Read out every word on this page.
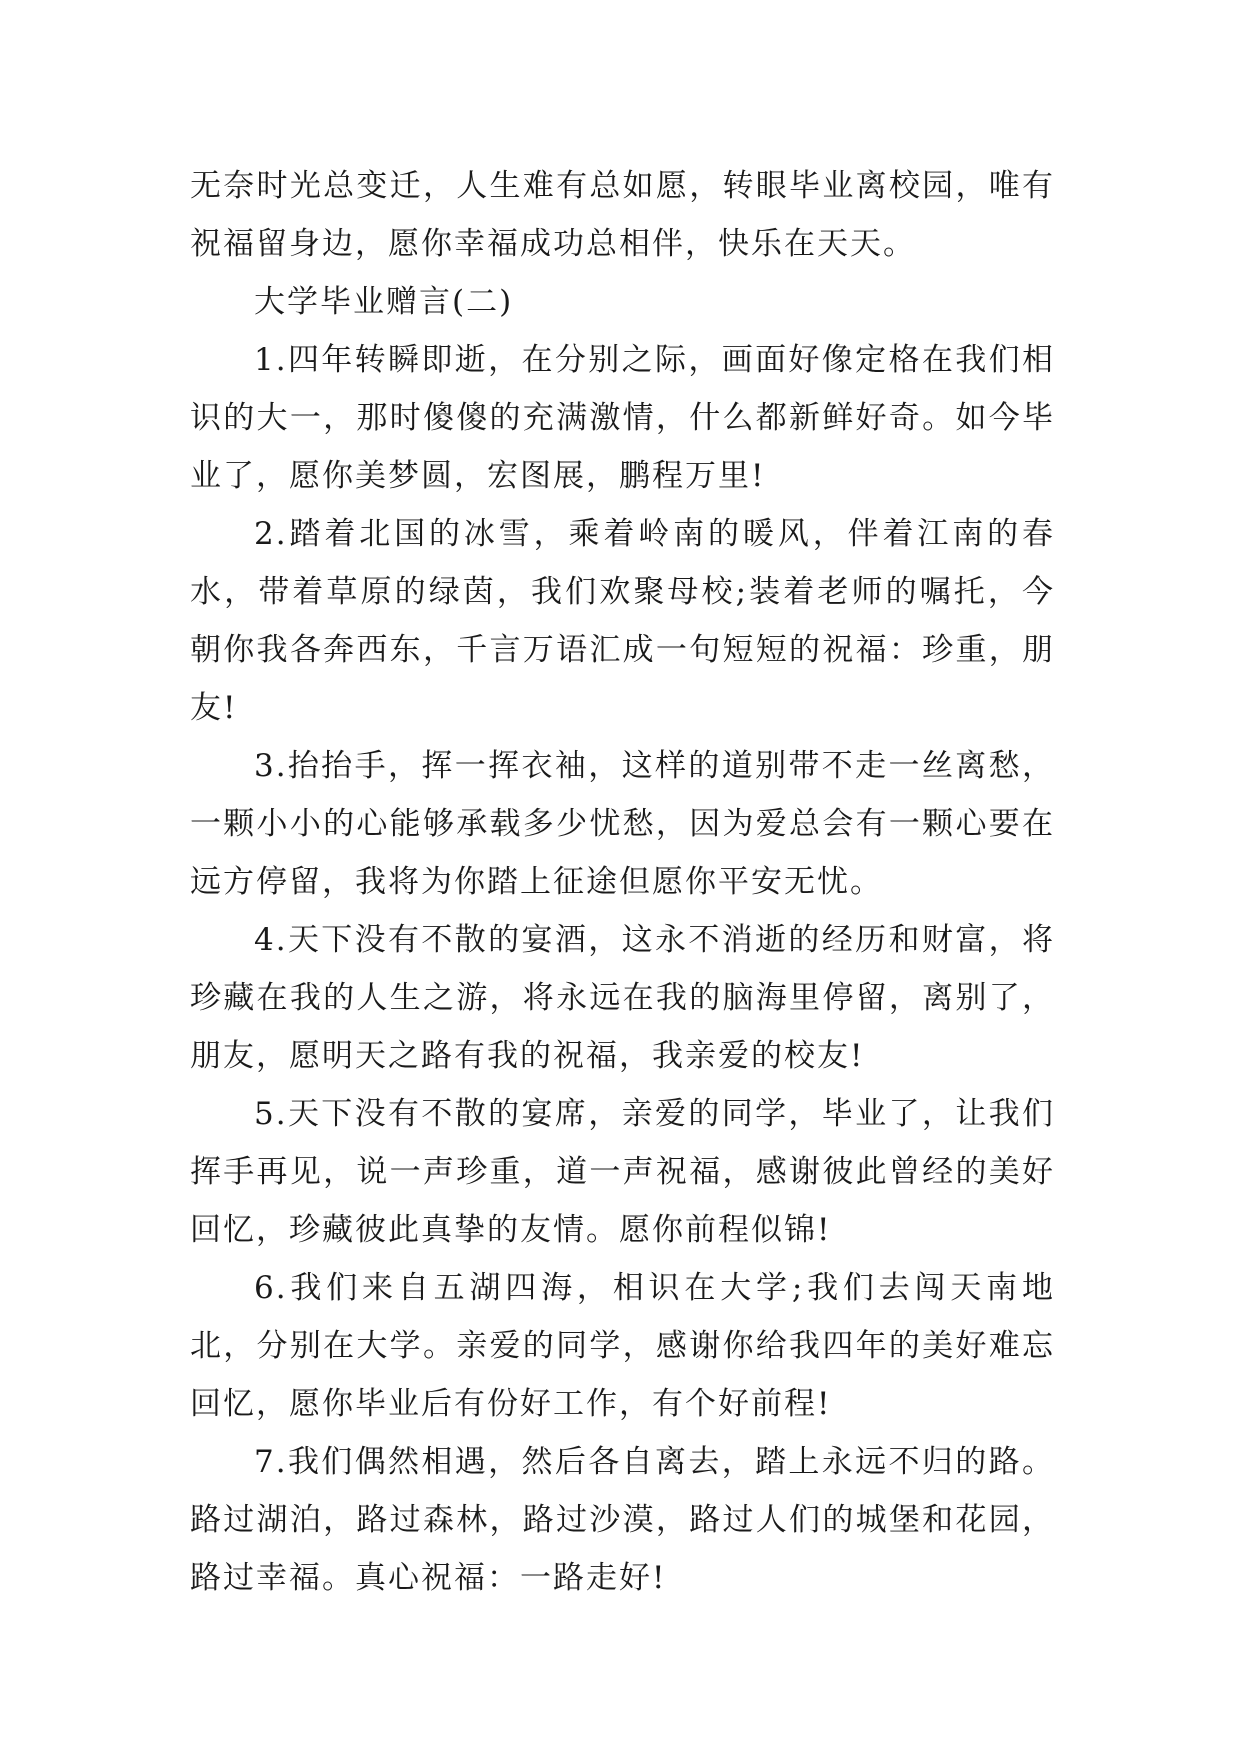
无奈时光总变迁，人生难有总如愿，转眼毕业离校园，唯有祝福留身边，愿你幸福成功总相伴，快乐在天天。

大学毕业赠言(二)

1.四年转瞬即逝，在分别之际，画面好像定格在我们相识的大一，那时傻傻的充满激情，什么都新鲜好奇。如今毕业了，愿你美梦圆，宏图展，鹏程万里!

2.踏着北国的冰雪，乘着岭南的暖风，伴着江南的春水，带着草原的绿茵，我们欢聚母校;装着老师的嘱托，今朝你我各奔西东，千言万语汇成一句短短的祝福：珍重，朋友!

3.抬抬手，挥一挥衣袖，这样的道别带不走一丝离愁，一颗小小的心能够承载多少忧愁，因为爱总会有一颗心要在远方停留，我将为你踏上征途但愿你平安无忧。

4.天下没有不散的宴酒，这永不消逝的经历和财富，将珍藏在我的人生之游，将永远在我的脑海里停留，离别了，朋友，愿明天之路有我的祝福，我亲爱的校友!

5.天下没有不散的宴席，亲爱的同学，毕业了，让我们挥手再见，说一声珍重，道一声祝福，感谢彼此曾经的美好回忆，珍藏彼此真挚的友情。愿你前程似锦!

6.我们来自五湖四海，相识在大学;我们去闯天南地北，分别在大学。亲爱的同学，感谢你给我四年的美好难忘回忆，愿你毕业后有份好工作，有个好前程!

7.我们偶然相遇，然后各自离去，踏上永远不归的路。路过湖泊，路过森林，路过沙漠，路过人们的城堡和花园，路过幸福。真心祝福：一路走好!
